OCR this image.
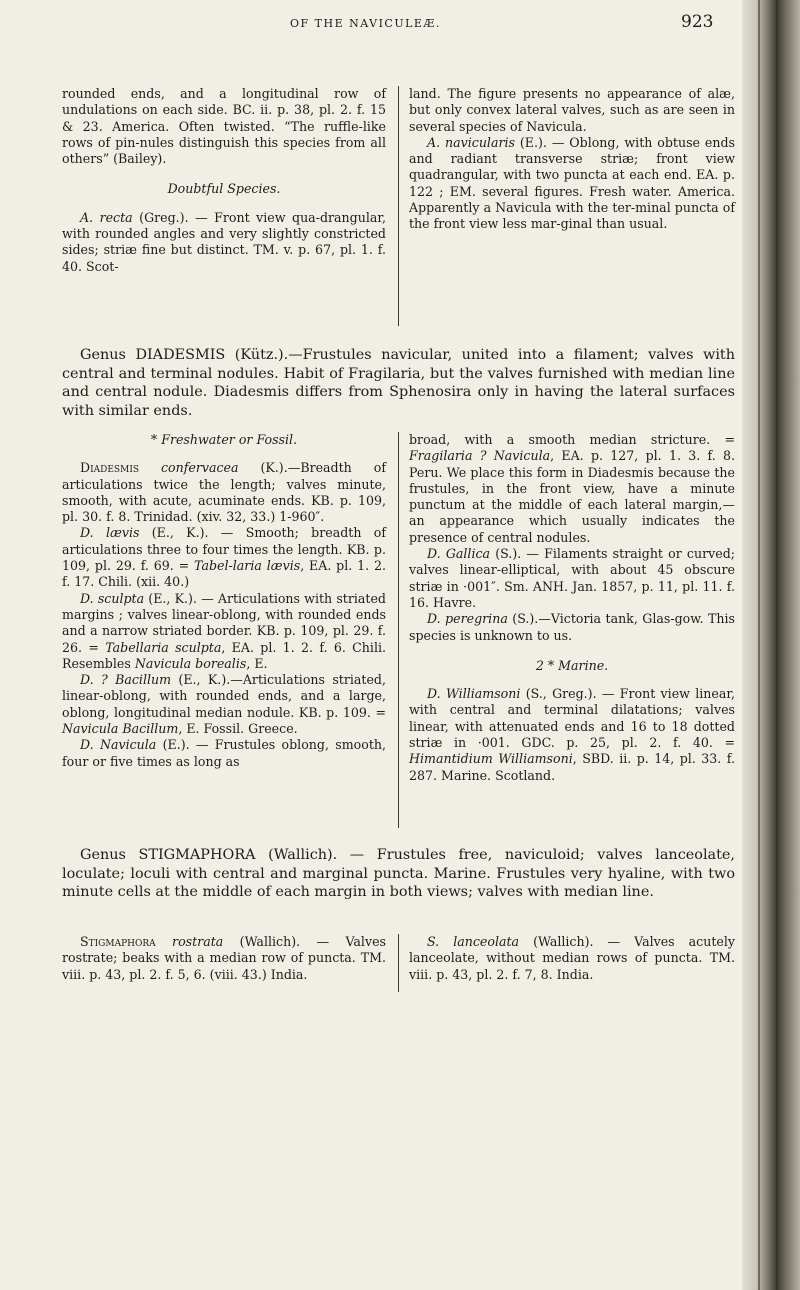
OF THE NAVICULEÆ.	923

rounded ends, and a longitudinal row of undulations on each side. BC. ii. p. 38, pl. 2. f. 15 & 23. America. Often twisted. “The ruffle-like rows of pin-nules distinguish this species from all others” (Bailey).

Doubtful Species.

A. recta (Greg.). — Front view qua-drangular, with rounded angles and very slightly constricted sides; striæ fine but distinct. TM. v. p. 67, pl. 1. f. 40. Scot-

land. The figure presents no appearance of alæ, but only convex lateral valves, such as are seen in several species of Navicula.

A. navicularis (E.). — Oblong, with obtuse ends and radiant transverse striæ; front view quadrangular, with two puncta at each end. EA. p. 122 ; EM. several figures. Fresh water. America. Apparently a Navicula with the ter-minal puncta of the front view less mar-ginal than usual.

Genus DIADESMIS (Kütz.).—Frustules navicular, united into a filament; valves with central and terminal nodules. Habit of Fragilaria, but the valves furnished with median line and central nodule. Diadesmis differs from Sphenosira only in having the lateral surfaces with similar ends.

* Freshwater or Fossil.

Diadesmis confervacea (K.).—Breadth of articulations twice the length; valves minute, smooth, with acute, acuminate ends. KB. p. 109, pl. 30. f. 8. Trinidad. (xiv. 32, 33.) 1-960″.

D. lævis (E., K.). — Smooth; breadth of articulations three to four times the length. KB. p. 109, pl. 29. f. 69. = Tabel-laria lævis, EA. pl. 1. 2. f. 17. Chili. (xii. 40.)

D. sculpta (E., K.). — Articulations with striated margins ; valves linear-oblong, with rounded ends and a narrow striated border. KB. p. 109, pl. 29. f. 26. = Tabellaria sculpta, EA. pl. 1. 2. f. 6. Chili. Resembles Navicula borealis, E.

D. ? Bacillum (E., K.).—Articulations striated, linear-oblong, with rounded ends, and a large, oblong, longitudinal median nodule. KB. p. 109. = Navicula Bacillum, E. Fossil. Greece.

D. Navicula (E.). — Frustules oblong, smooth, four or five times as long as

broad, with a smooth median stricture. = Fragilaria ? Navicula, EA. p. 127, pl. 1. 3. f. 8. Peru. We place this form in Diadesmis because the frustules, in the front view, have a minute punctum at the middle of each lateral margin,— an appearance which usually indicates the presence of central nodules.

D. Gallica (S.). — Filaments straight or curved; valves linear-elliptical, with about 45 obscure striæ in ·001″. Sm. ANH. Jan. 1857, p. 11, pl. 11. f. 16. Havre.

D. peregrina (S.).—Victoria tank, Glas-gow. This species is unknown to us.

2 * Marine.

D. Williamsoni (S., Greg.). — Front view linear, with central and terminal dilatations; valves linear, with attenuated ends and 16 to 18 dotted striæ in ·001. GDC. p. 25, pl. 2. f. 40. = Himantidium Williamsoni, SBD. ii. p. 14, pl. 33. f. 287. Marine. Scotland.

Genus STIGMAPHORA (Wallich). — Frustules free, naviculoid; valves lanceolate, loculate; loculi with central and marginal puncta. Marine. Frustules very hyaline, with two minute cells at the middle of each margin in both views; valves with median line.

Stigmaphora rostrata (Wallich). — Valves rostrate; beaks with a median row of puncta. TM. viii. p. 43, pl. 2. f. 5, 6. (viii. 43.) India.

S. lanceolata (Wallich). — Valves acutely lanceolate, without median rows of puncta. TM. viii. p. 43, pl. 2. f. 7, 8. India.
